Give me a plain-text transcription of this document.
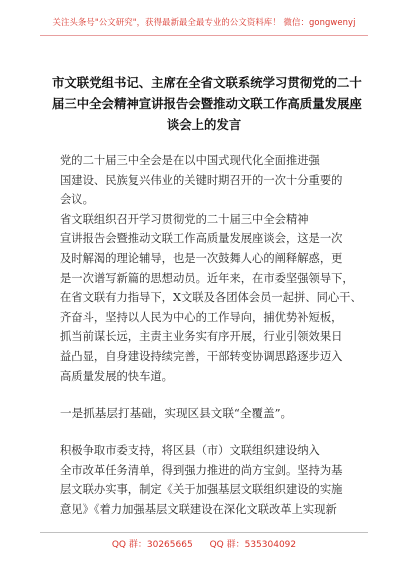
关注头条号"公文研究"，获得最新最全最专业的公文资料库！ 微信：gongwenyj
市文联党组书记、主席在全省文联系统学习贯彻党的二十
届三中全会精神宣讲报告会暨推动文联工作高质量发展座
谈会上的发言
党的二十届三中全会是在以中国式现代化全面推进强
国建设、民族复兴伟业的关键时期召开的一次十分重要的
会议。
省文联组织召开学习贯彻党的二十届三中全会精神
宣讲报告会暨推动文联工作高质量发展座谈会，这是一次
及时解渴的理论辅导，也是一次鼓舞人心的阐释解惑，更
是一次谱写新篇的思想动员。近年来，在市委坚强领导下，
在省文联有力指导下，X文联及各团体会员一起拼、同心干、
齐奋斗，坚持以人民为中心的工作导向，捕优势补短板，
抓当前谋长远，主责主业务实有序开展，行业引领效果日
益凸显，自身建设持续完善，干部转变协调思路逐步迈入
高质量发展的快车道。
一是抓基层打基础，实现区县文联“全覆盖”。
积极争取市委支持，将区县（市）文联组织建设纳入
全市改革任务清单，得到强力推进的尚方宝剑。坚持为基
层文联办实事，制定《关于加强基层文联组织建设的实施
意见》《着力加强基层文联建设在深化文联改革上实现新
QQ 群：30265665 QQ 群：535304092
